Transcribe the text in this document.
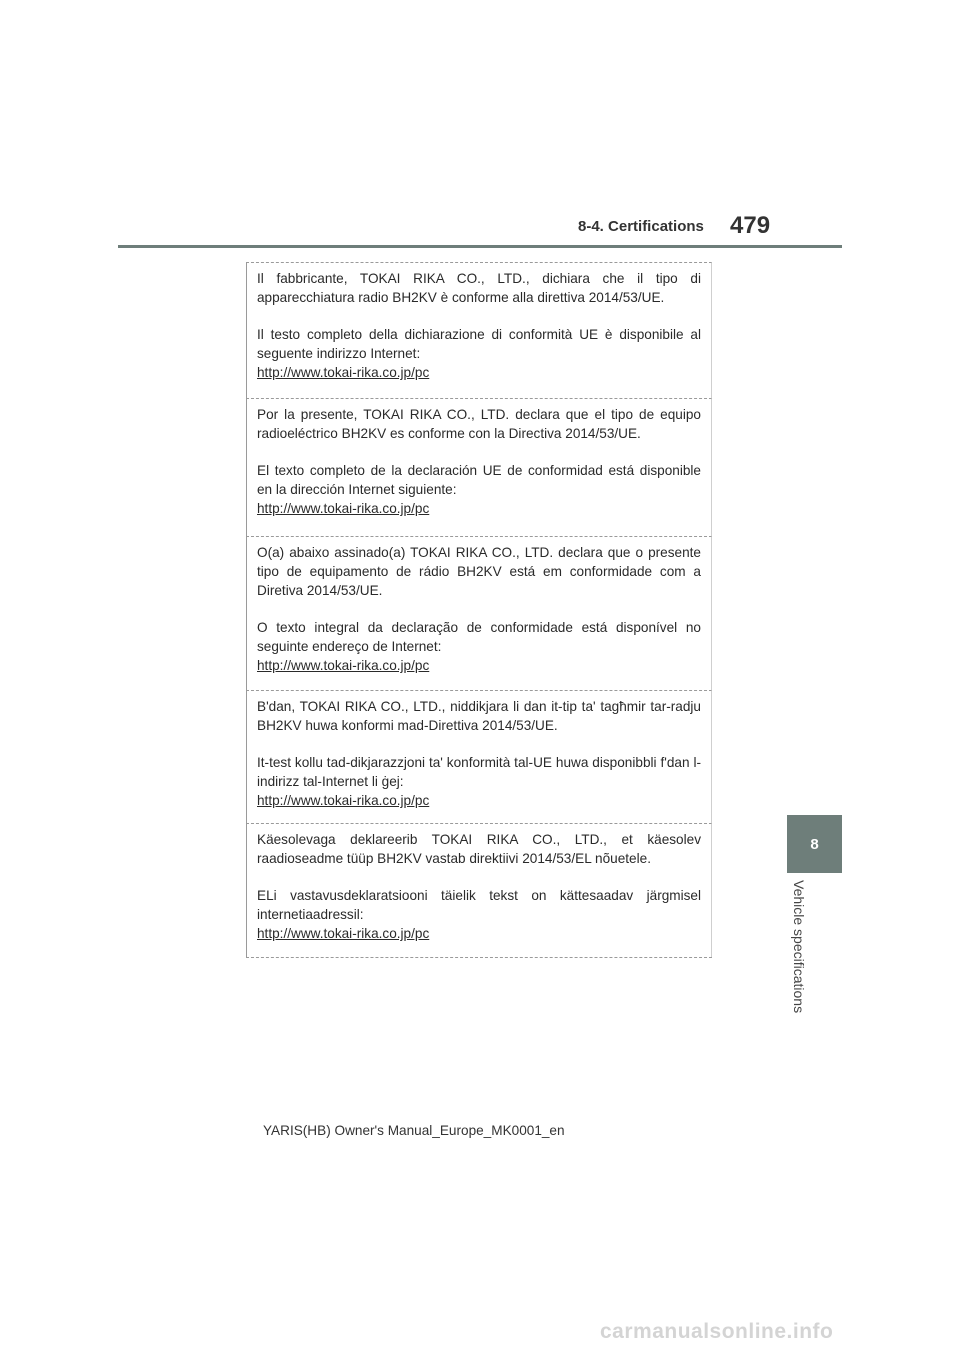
8-4. Certifications 479
8
Vehicle specifications

Il fabbricante, TOKAI RIKA CO., LTD., dichiara che il tipo di apparecchiatura radio BH2KV è conforme alla direttiva 2014/53/UE.

Il testo completo della dichiarazione di conformità UE è disponibile al seguente indirizzo Internet:
http://www.tokai-rika.co.jp/pc

Por la presente, TOKAI RIKA CO., LTD. declara que el tipo de equipo radioeléctrico BH2KV es conforme con la Directiva 2014/53/UE.

El texto completo de la declaración UE de conformidad está disponible en la dirección Internet siguiente:
http://www.tokai-rika.co.jp/pc

O(a) abaixo assinado(a) TOKAI RIKA CO., LTD. declara que o presente tipo de equipamento de rádio BH2KV está em conformidade com a Diretiva 2014/53/UE.

O texto integral da declaração de conformidade está disponível no seguinte endereço de Internet:
http://www.tokai-rika.co.jp/pc

B'dan, TOKAI RIKA CO., LTD., niddikjara li dan it-tip ta' tagħmir tar-radju BH2KV huwa konformi mad-Direttiva 2014/53/UE.

It-test kollu tad-dikjarazzjoni ta' konformità tal-UE huwa disponibbli f'dan l-indirizz tal-Internet li ġej:
http://www.tokai-rika.co.jp/pc

Käesolevaga deklareerib TOKAI RIKA CO., LTD., et käesolev raadioseadme tüüp BH2KV vastab direktiivi 2014/53/EL nõuetele.

ELi vastavusdeklaratsiooni täielik tekst on kättesaadav järgmisel internetiaadressil:
http://www.tokai-rika.co.jp/pc

YARIS(HB) Owner's Manual_Europe_MK0001_en
carmanualsonline.info
